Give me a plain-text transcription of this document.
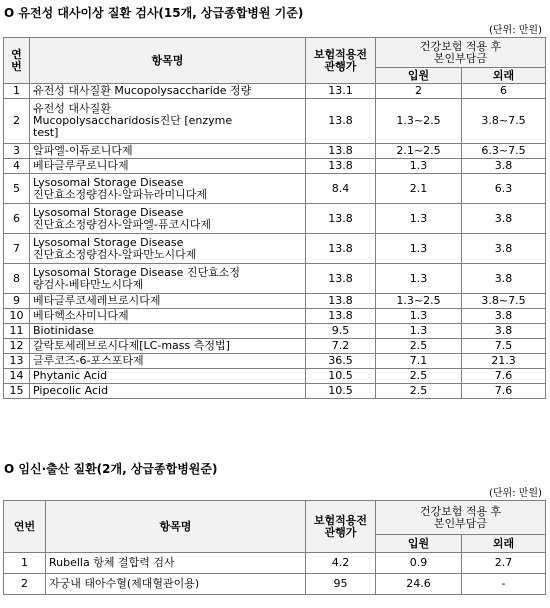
O 유전성 대사이상 질환 검사(15개, 상급종합병원 기준)
(단위: 만원)
연
번	항목명	보험적용전
관행가	건강보험 적용 후
본인부담금	
			입원	외래
1	유전성 대사질환 Mucopolysaccharide 정량	13.1	2	6
2	유전성 대사질환
Mucopolysaccharidosis진단 [enzyme
test]	13.8	1.3~2.5	3.8~7.5
3	알파엘-이듀로니다제	13.8	2.1~2.5	6.3~7.5
4	베타글루쿠로니다제	13.8	1.3	3.8
5	Lysosomal Storage Disease
진단효소정량검사-알파뉴라미니다제	8.4	2.1	6.3
6	Lysosomal Storage Disease
진단효소정량검사-알파엘-퓨코시다제	13.8	1.3	3.8
7	Lysosomal Storage Disease
진단효소정량검사-알파만노시다제	13.8	1.3	3.8
8	Lysosomal Storage Disease 진단효소정
량검사-베타만노시다제	13.8	1.3	3.8
9	베타글루코세레브로시다제	13.8	1.3~2.5	3.8~7.5
10	베타헥소사미니다제	13.8	1.3	3.8
11	Biotinidase	9.5	1.3	3.8
12	갈락토세레브로시다제[LC-mass 측정법]	7.2	2.5	7.5
13	글루코즈-6-포스포타제	36.5	7.1	21.3
14	Phytanic Acid	10.5	2.5	7.6
15	Pipecolic Acid	10.5	2.5	7.6
O 임신·출산 질환(2개, 상급종합병원준)
(단위: 만원)
연번	항목명	보험적용전
관행가	건강보험 적용 후
본인부담금	
			입원	외래
1	Rubella 항체 결합력 검사	4.2	0.9	2.7
2	자궁내 태아수혈(제대혈관이용)	95	24.6	-
